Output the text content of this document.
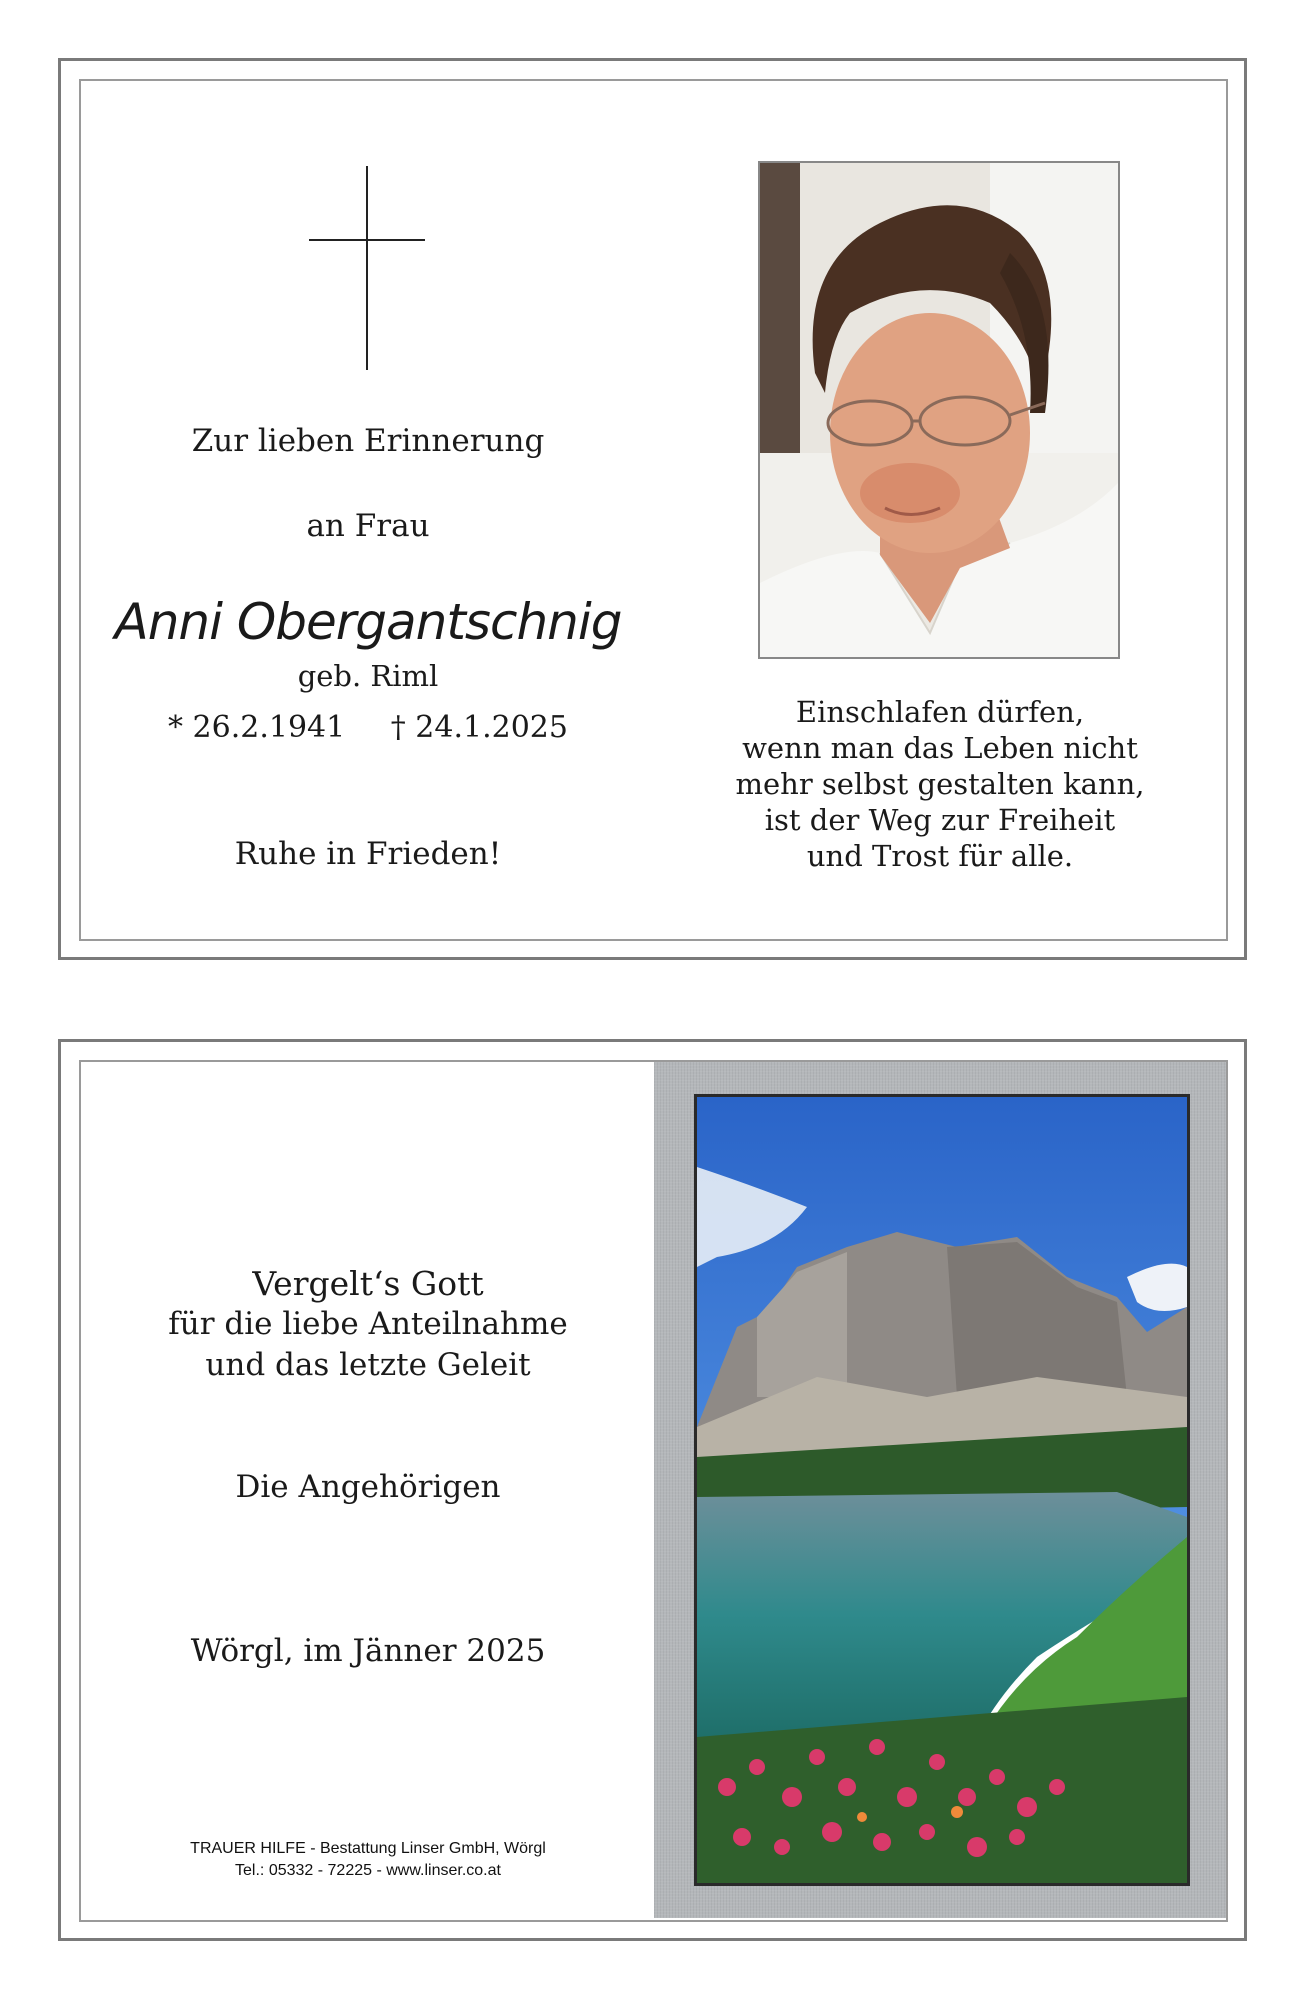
Zur lieben Erinnerung
an Frau
Anni Obergantschnig
geb. Riml
* 26.2.1941 † 24.1.2025
Ruhe in Frieden!
Einschlafen dürfen,
wenn man das Leben nicht
mehr selbst gestalten kann,
ist der Weg zur Freiheit
und Trost für alle.
Vergelt‘s Gott
für die liebe Anteilnahme
und das letzte Geleit
Die Angehörigen
Wörgl, im Jänner 2025
TRAUER HILFE - Bestattung Linser GmbH, Wörgl
Tel.: 05332 - 72225 - www.linser.co.at
